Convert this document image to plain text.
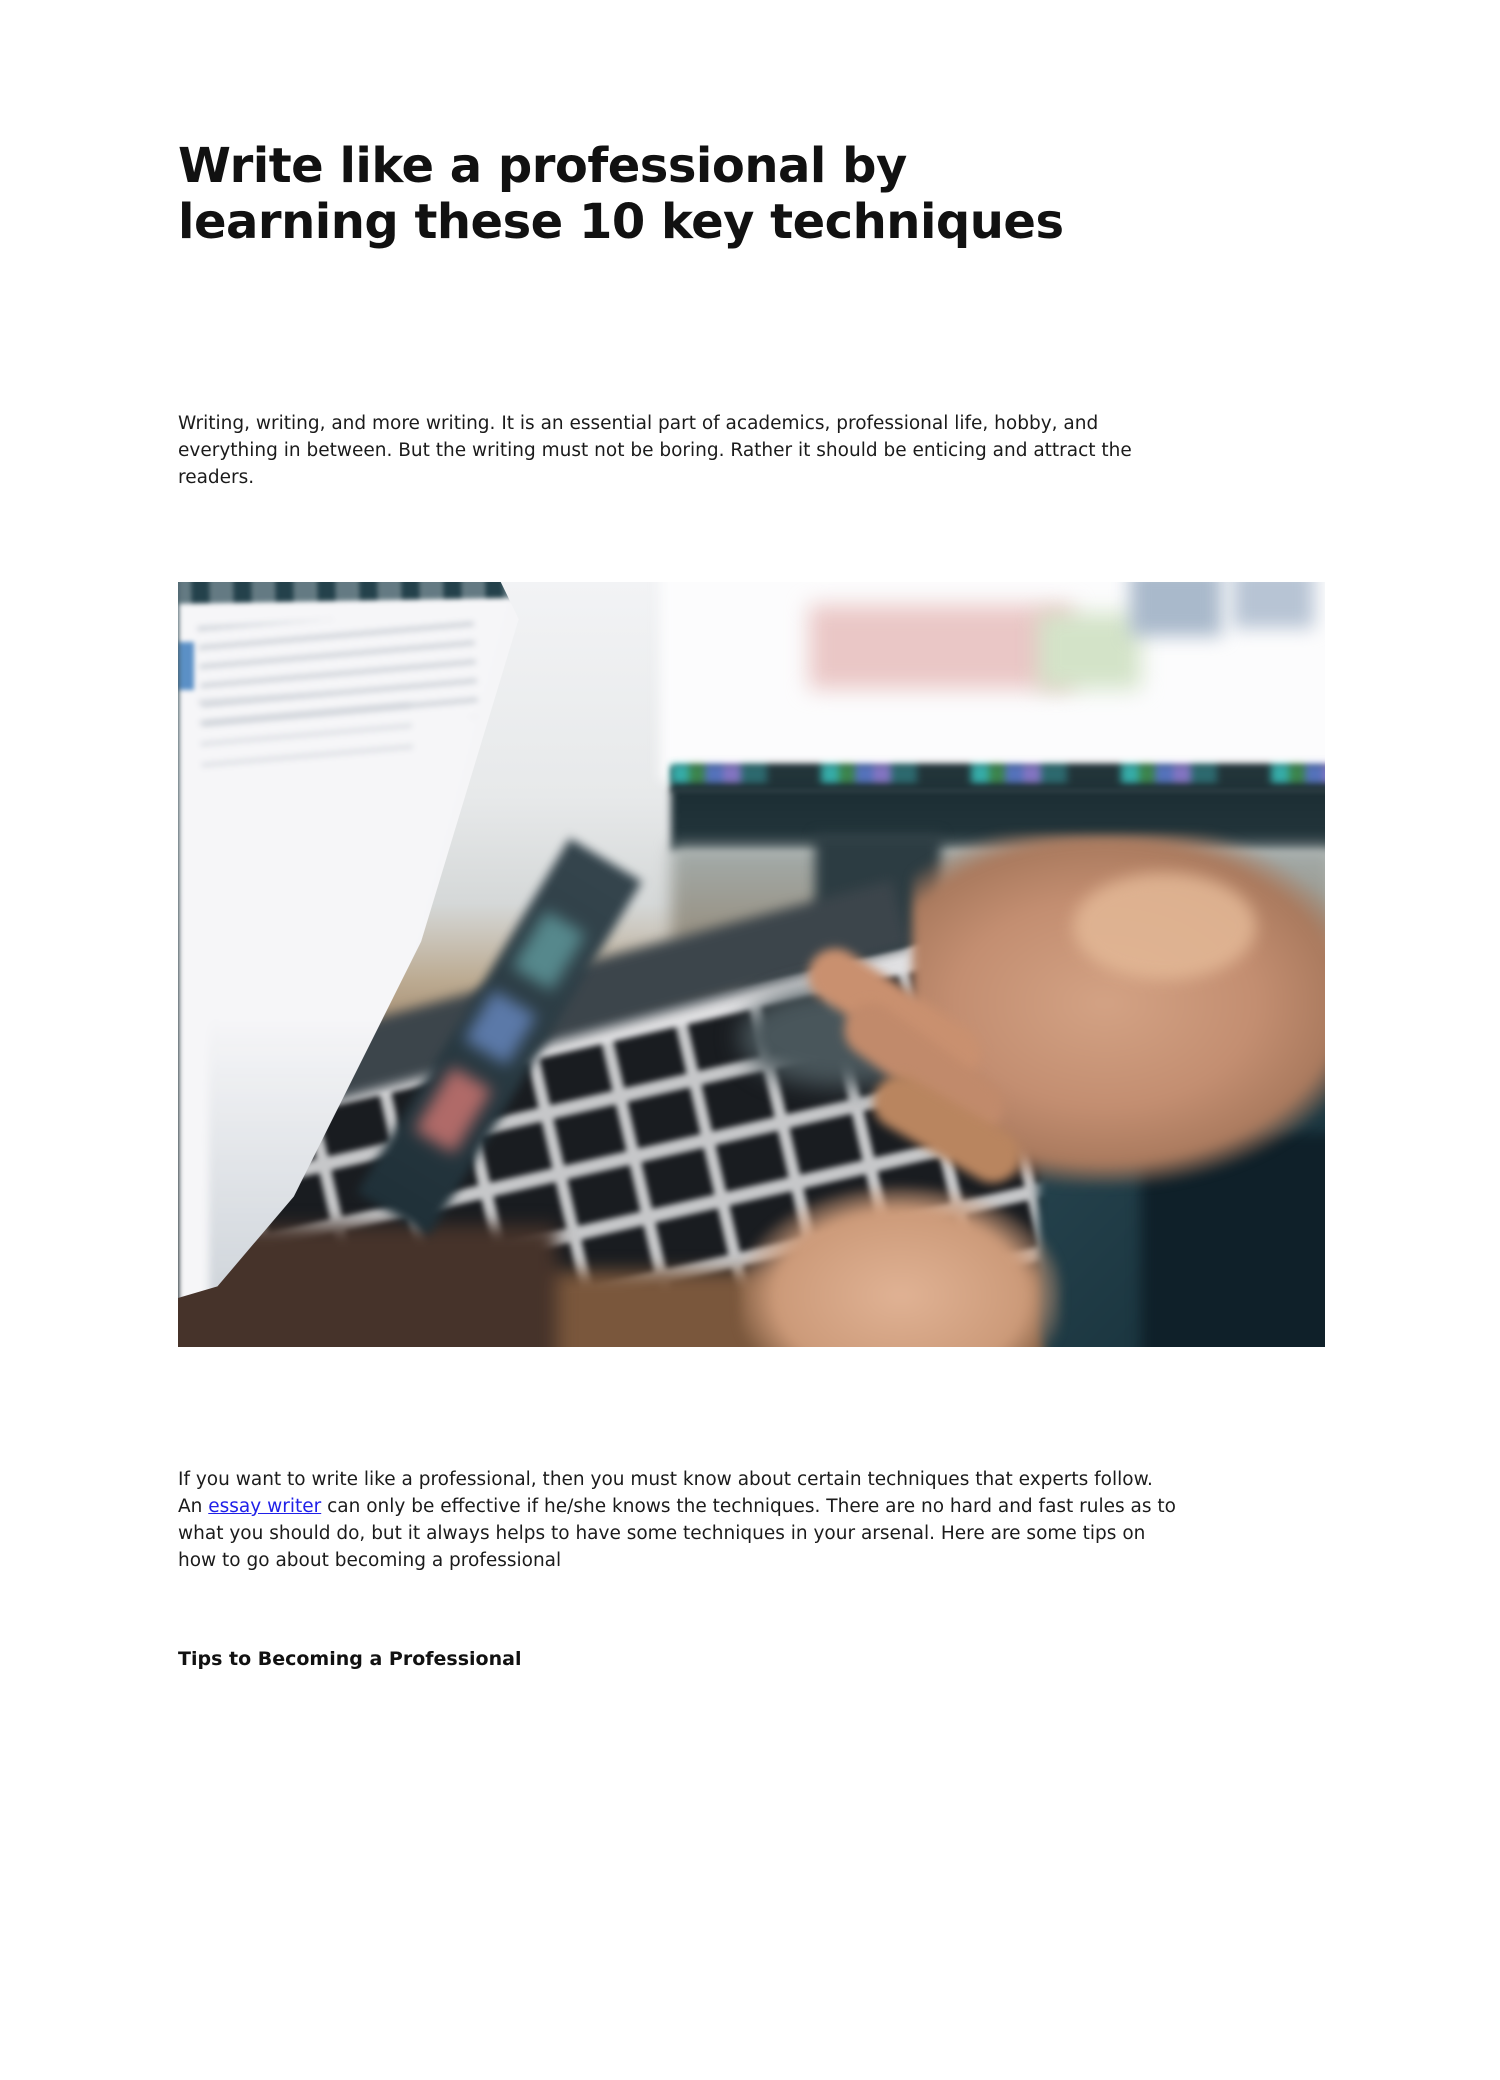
Write like a professional by
learning these 10 key techniques
Writing, writing, and more writing. It is an essential part of academics, professional life, hobby, and
everything in between. But the writing must not be boring. Rather it should be enticing and attract the
readers.
If you want to write like a professional, then you must know about certain techniques that experts follow.
An essay writer can only be effective if he/she knows the techniques. There are no hard and fast rules as to
what you should do, but it always helps to have some techniques in your arsenal. Here are some tips on
how to go about becoming a professional
Tips to Becoming a Professional
